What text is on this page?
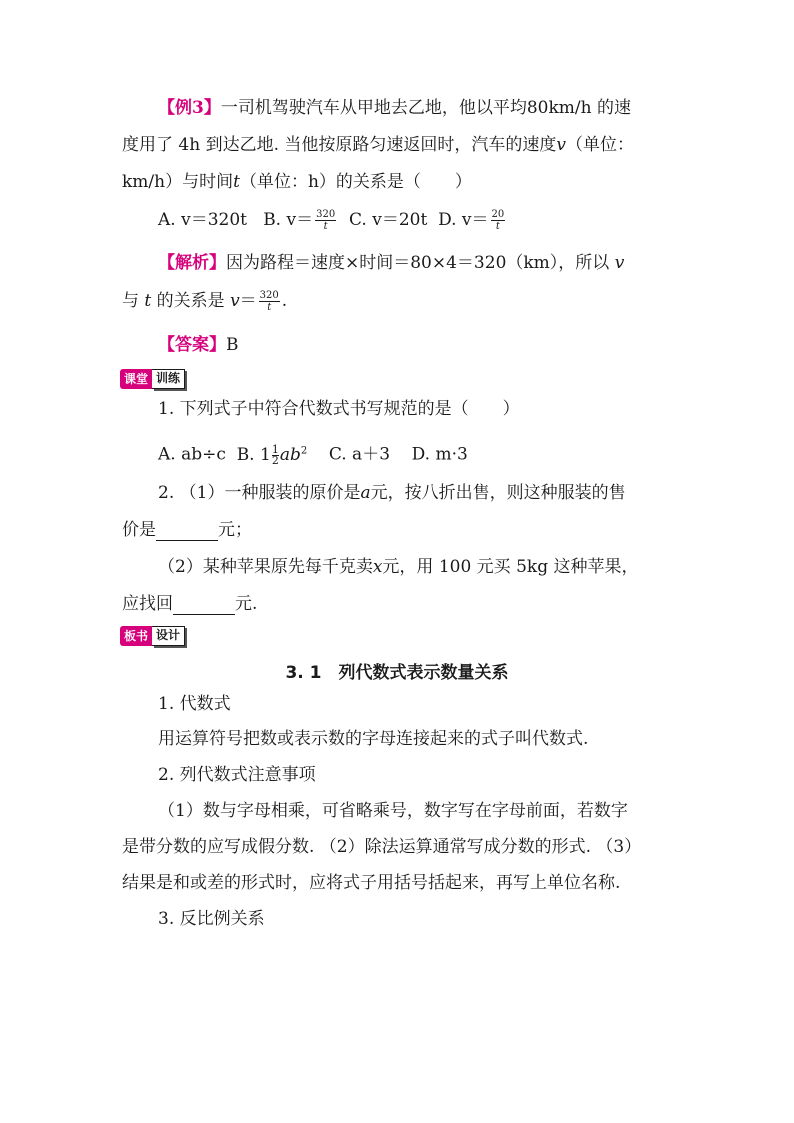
【例3】一司机驾驶汽车从甲地去乙地，他以平均80km/h 的速
度用了 4h 到达乙地. 当他按原路匀速返回时，汽车的速度v（单位：
km/h）与时间t（单位：h）的关系是（　　）
A. v＝320t B. $v= \frac{320}{t} C$. v＝20t D. $v= \frac{20}{t}$
【解析】因为路程＝速度×时间＝80×4＝320（km），所以 v
与 t 的关系是 $v= \frac{320}{t}$ .
【答案】B
课堂 训练
1. 下列式子中符合代数式书写规范的是（　　）
A. ab÷c B. $1 \frac{1}{2} ab^2$ C. a＋3 D. m·3
2. （1）一种服装的原价是a元，按八折出售，则这种服装的售
价是	元；
（2）某种苹果原先每千克卖x元，用 100 元买 5kg 这种苹果，
应找回	元.
板书 设计
3. 1　列代数式表示数量关系
1. 代数式
用运算符号把数或表示数的字母连接起来的式子叫代数式.
2. 列代数式注意事项
（1）数与字母相乘，可省略乘号，数字写在字母前面，若数字
是带分数的应写成假分数. （2）除法运算通常写成分数的形式. （3）
结果是和或差的形式时，应将式子用括号括起来，再写上单位名称.
3. 反比例关系
